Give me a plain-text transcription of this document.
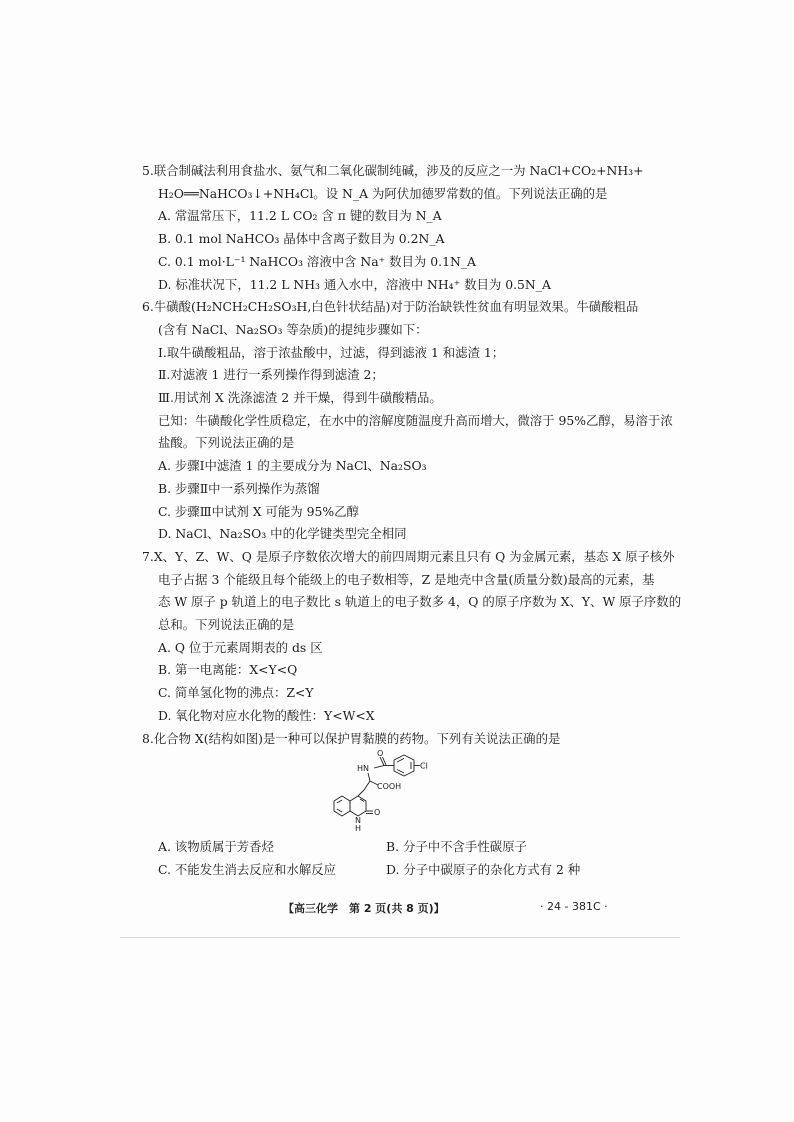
5.联合制碱法利用食盐水、氨气和二氧化碳制纯碱，涉及的反应之一为 NaCl+CO₂+NH₃+
H₂O══NaHCO₃↓+NH₄Cl。设 N_A 为阿伏加德罗常数的值。下列说法正确的是
A. 常温常压下，11.2 L CO₂ 含 π 键的数目为 N_A
B. 0.1 mol NaHCO₃ 晶体中含离子数目为 0.2N_A
C. 0.1 mol·L⁻¹ NaHCO₃ 溶液中含 Na⁺ 数目为 0.1N_A
D. 标准状况下，11.2 L NH₃ 通入水中，溶液中 NH₄⁺ 数目为 0.5N_A
6.牛磺酸(H₂NCH₂CH₂SO₃H,白色针状结晶)对于防治缺铁性贫血有明显效果。牛磺酸粗品
(含有 NaCl、Na₂SO₃ 等杂质)的提纯步骤如下：
Ⅰ.取牛磺酸粗品，溶于浓盐酸中，过滤，得到滤液 1 和滤渣 1；
Ⅱ.对滤液 1 进行一系列操作得到滤渣 2；
Ⅲ.用试剂 X 洗涤滤渣 2 并干燥，得到牛磺酸精品。
已知：牛磺酸化学性质稳定，在水中的溶解度随温度升高而增大，微溶于 95%乙醇，易溶于浓
盐酸。下列说法正确的是
A. 步骤Ⅰ中滤渣 1 的主要成分为 NaCl、Na₂SO₃
B. 步骤Ⅱ中一系列操作为蒸馏
C. 步骤Ⅲ中试剂 X 可能为 95%乙醇
D. NaCl、Na₂SO₃ 中的化学键类型完全相同
7.X、Y、Z、W、Q 是原子序数依次增大的前四周期元素且只有 Q 为金属元素，基态 X 原子核外
电子占据 3 个能级且每个能级上的电子数相等，Z 是地壳中含量(质量分数)最高的元素，基
态 W 原子 p 轨道上的电子数比 s 轨道上的电子数多 4，Q 的原子序数为 X、Y、W 原子序数的
总和。下列说法正确的是
A. Q 位于元素周期表的 ds 区
B. 第一电离能：X<Y<Q
C. 简单氢化物的沸点：Z<Y
D. 氧化物对应水化物的酸性：Y<W<X
8.化合物 X(结构如图)是一种可以保护胃黏膜的药物。下列有关说法正确的是
HN
O
Cl
COOH
N
H
O
A. 该物质属于芳香烃	B. 分子中不含手性碳原子
C. 不能发生消去反应和水解反应	D. 分子中碳原子的杂化方式有 2 种
【高三化学　第 2 页(共 8 页)】	· 24 - 381C ·
